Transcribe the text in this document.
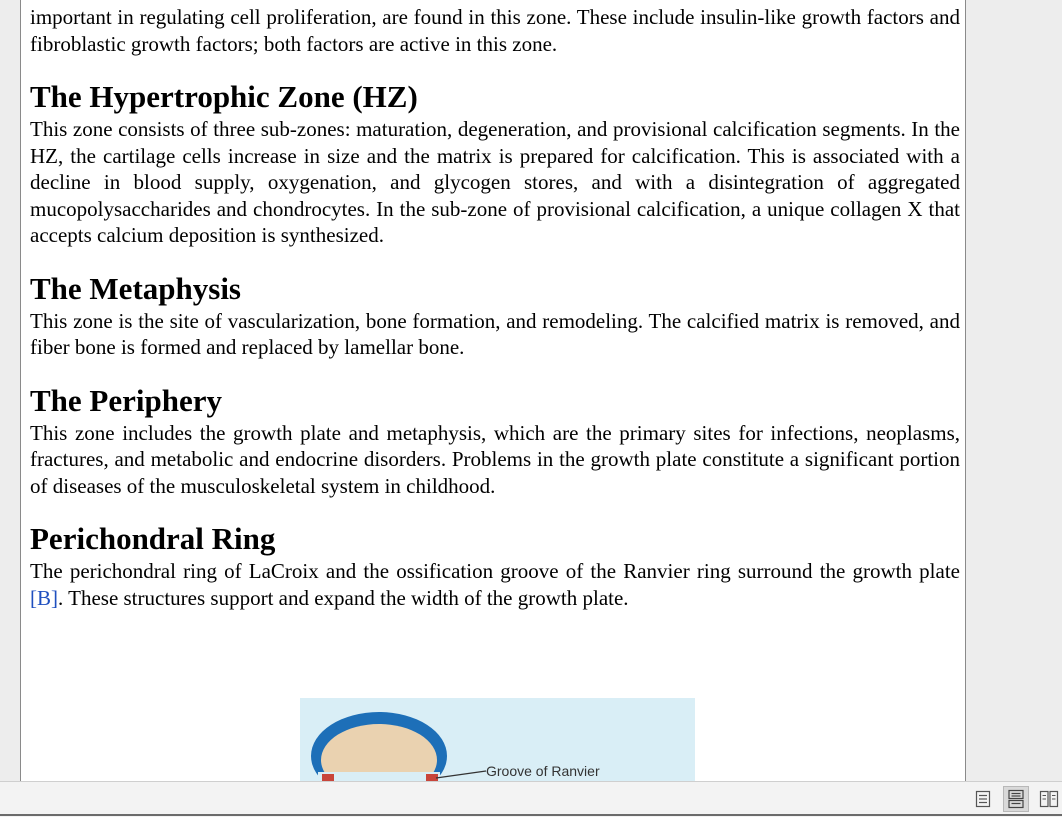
important in regulating cell proliferation, are found in this zone. These include insulin-like growth factors and fibroblastic growth factors; both factors are active in this zone.

The Hypertrophic Zone (HZ)

This zone consists of three sub-zones: maturation, degeneration, and provisional calcification segments. In the HZ, the cartilage cells increase in size and the matrix is prepared for calcification. This is associated with a decline in blood supply, oxygenation, and glycogen stores, and with a disintegration of aggregated mucopolysaccharides and chondrocytes. In the sub-zone of provisional calcification, a unique collagen X that accepts calcium deposition is synthesized.

The Metaphysis

This zone is the site of vascularization, bone formation, and remodeling. The calcified matrix is removed, and fiber bone is formed and replaced by lamellar bone.

The Periphery

This zone includes the growth plate and metaphysis, which are the primary sites for infections, neoplasms, fractures, and metabolic and endocrine disorders. Problems in the growth plate constitute a significant portion of diseases of the musculoskeletal system in childhood.

Perichondral Ring

The perichondral ring of LaCroix and the ossification groove of the Ranvier ring surround the growth plate [B]. These structures support and expand the width of the growth plate.

Groove of Ranvier
